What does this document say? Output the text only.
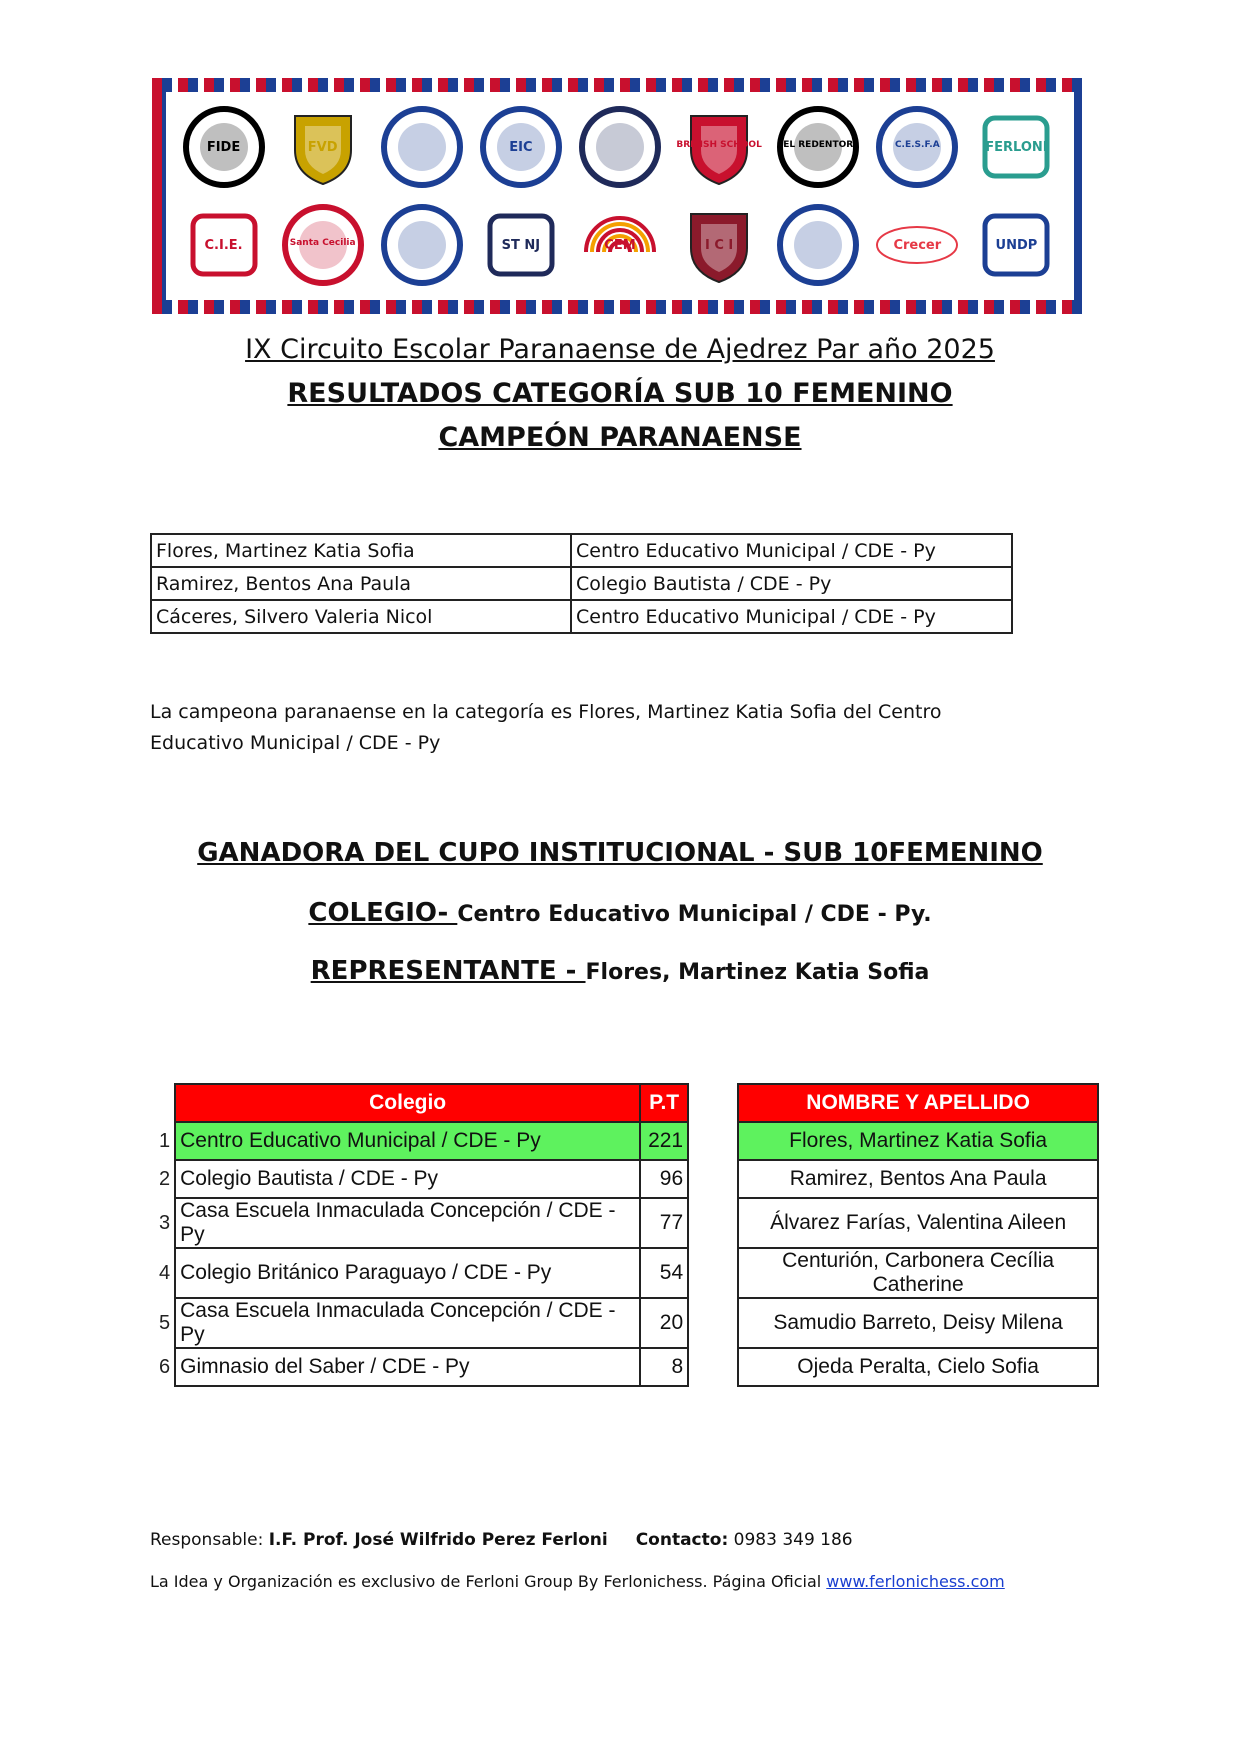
FIDE	FVD	EIC	BRITISH SCHOOL	EL REDENTOR	C.E.S.F.A	FERLONI
C.I.E.	Santa Cecilia	ST NJ	CEM	I C I	Crecer	UNDP
IX Circuito Escolar Paranaense de Ajedrez Par año 2025
RESULTADOS CATEGORÍA SUB 10 FEMENINO
CAMPEÓN PARANAENSE
Flores, Martinez Katia Sofia	Centro Educativo Municipal / CDE - Py
Ramirez, Bentos Ana Paula	Colegio Bautista / CDE - Py
Cáceres, Silvero Valeria Nicol	Centro Educativo Municipal / CDE - Py
La campeona paranaense en la categoría es Flores, Martinez Katia Sofia del Centro Educativo Municipal / CDE - Py
GANADORA DEL CUPO INSTITUCIONAL - SUB 10FEMENINO
COLEGIO- Centro Educativo Municipal / CDE - Py.
REPRESENTANTE - Flores, Martinez Katia Sofia
	Colegio	P.T		NOMBRE Y APELLIDO
1	Centro Educativo Municipal / CDE - Py	221		Flores, Martinez Katia Sofia
2	Colegio Bautista / CDE - Py	96		Ramirez, Bentos Ana Paula
3	Casa Escuela Inmaculada Concepción / CDE - Py	77		Álvarez Farías, Valentina Aileen
4	Colegio Británico Paraguayo / CDE - Py	54		Centurión, Carbonera Cecília Catherine
5	Casa Escuela Inmaculada Concepción / CDE - Py	20		Samudio Barreto, Deisy Milena
6	Gimnasio del Saber / CDE - Py	8		Ojeda Peralta, Cielo Sofia
Responsable: I.F. Prof. José Wilfrido Perez Ferloni Contacto: 0983 349 186
La Idea y Organización es exclusivo de Ferloni Group By Ferlonichess. Página Oficial www.ferlonichess.com
